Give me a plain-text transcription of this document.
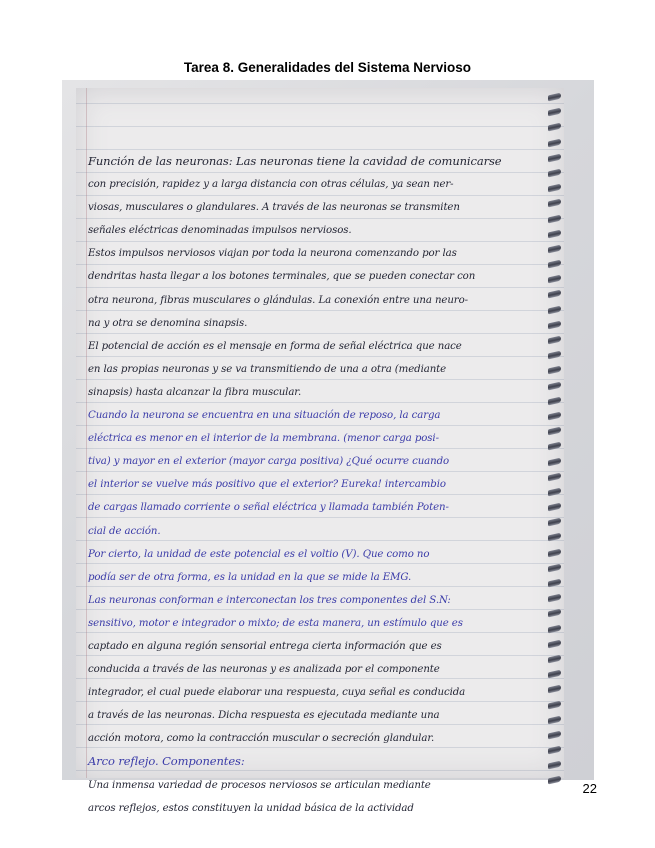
Tarea 8. Generalidades del Sistema Nervioso
Función de las neuronas: Las neuronas tiene la cavidad de comunicarse
con precisión, rapidez y a larga distancia con otras células, ya sean ner-
viosas, musculares o glandulares. A través de las neuronas se transmiten
señales eléctricas denominadas impulsos nerviosos.
Estos impulsos nerviosos viajan por toda la neurona comenzando por las
dendritas hasta llegar a los botones terminales, que se pueden conectar con
otra neurona, fibras musculares o glándulas. La conexión entre una neuro-
na y otra se denomina sinapsis.
El potencial de acción es el mensaje en forma de señal eléctrica que nace
en las propias neuronas y se va transmitiendo de una a otra (mediante
sinapsis) hasta alcanzar la fibra muscular.
Cuando la neurona se encuentra en una situación de reposo, la carga
eléctrica es menor en el interior de la membrana. (menor carga posi-
tiva) y mayor en el exterior (mayor carga positiva) ¿Qué ocurre cuando
el interior se vuelve más positivo que el exterior? Eureka! intercambio
de cargas llamado corriente o señal eléctrica y llamada también Poten-
cial de acción.
Por cierto, la unidad de este potencial es el voltio (V). Que como no
podía ser de otra forma, es la unidad en la que se mide la EMG.
Las neuronas conforman e interconectan los tres componentes del S.N:
sensitivo, motor e integrador o mixto; de esta manera, un estímulo que es
captado en alguna región sensorial entrega cierta información que es
conducida a través de las neuronas y es analizada por el componente
integrador, el cual puede elaborar una respuesta, cuya señal es conducida
a través de las neuronas. Dicha respuesta es ejecutada mediante una
acción motora, como la contracción muscular o secreción glandular.
Arco reflejo. Componentes:
Una inmensa variedad de procesos nerviosos se articulan mediante
arcos reflejos, estos constituyen la unidad básica de la actividad
22
